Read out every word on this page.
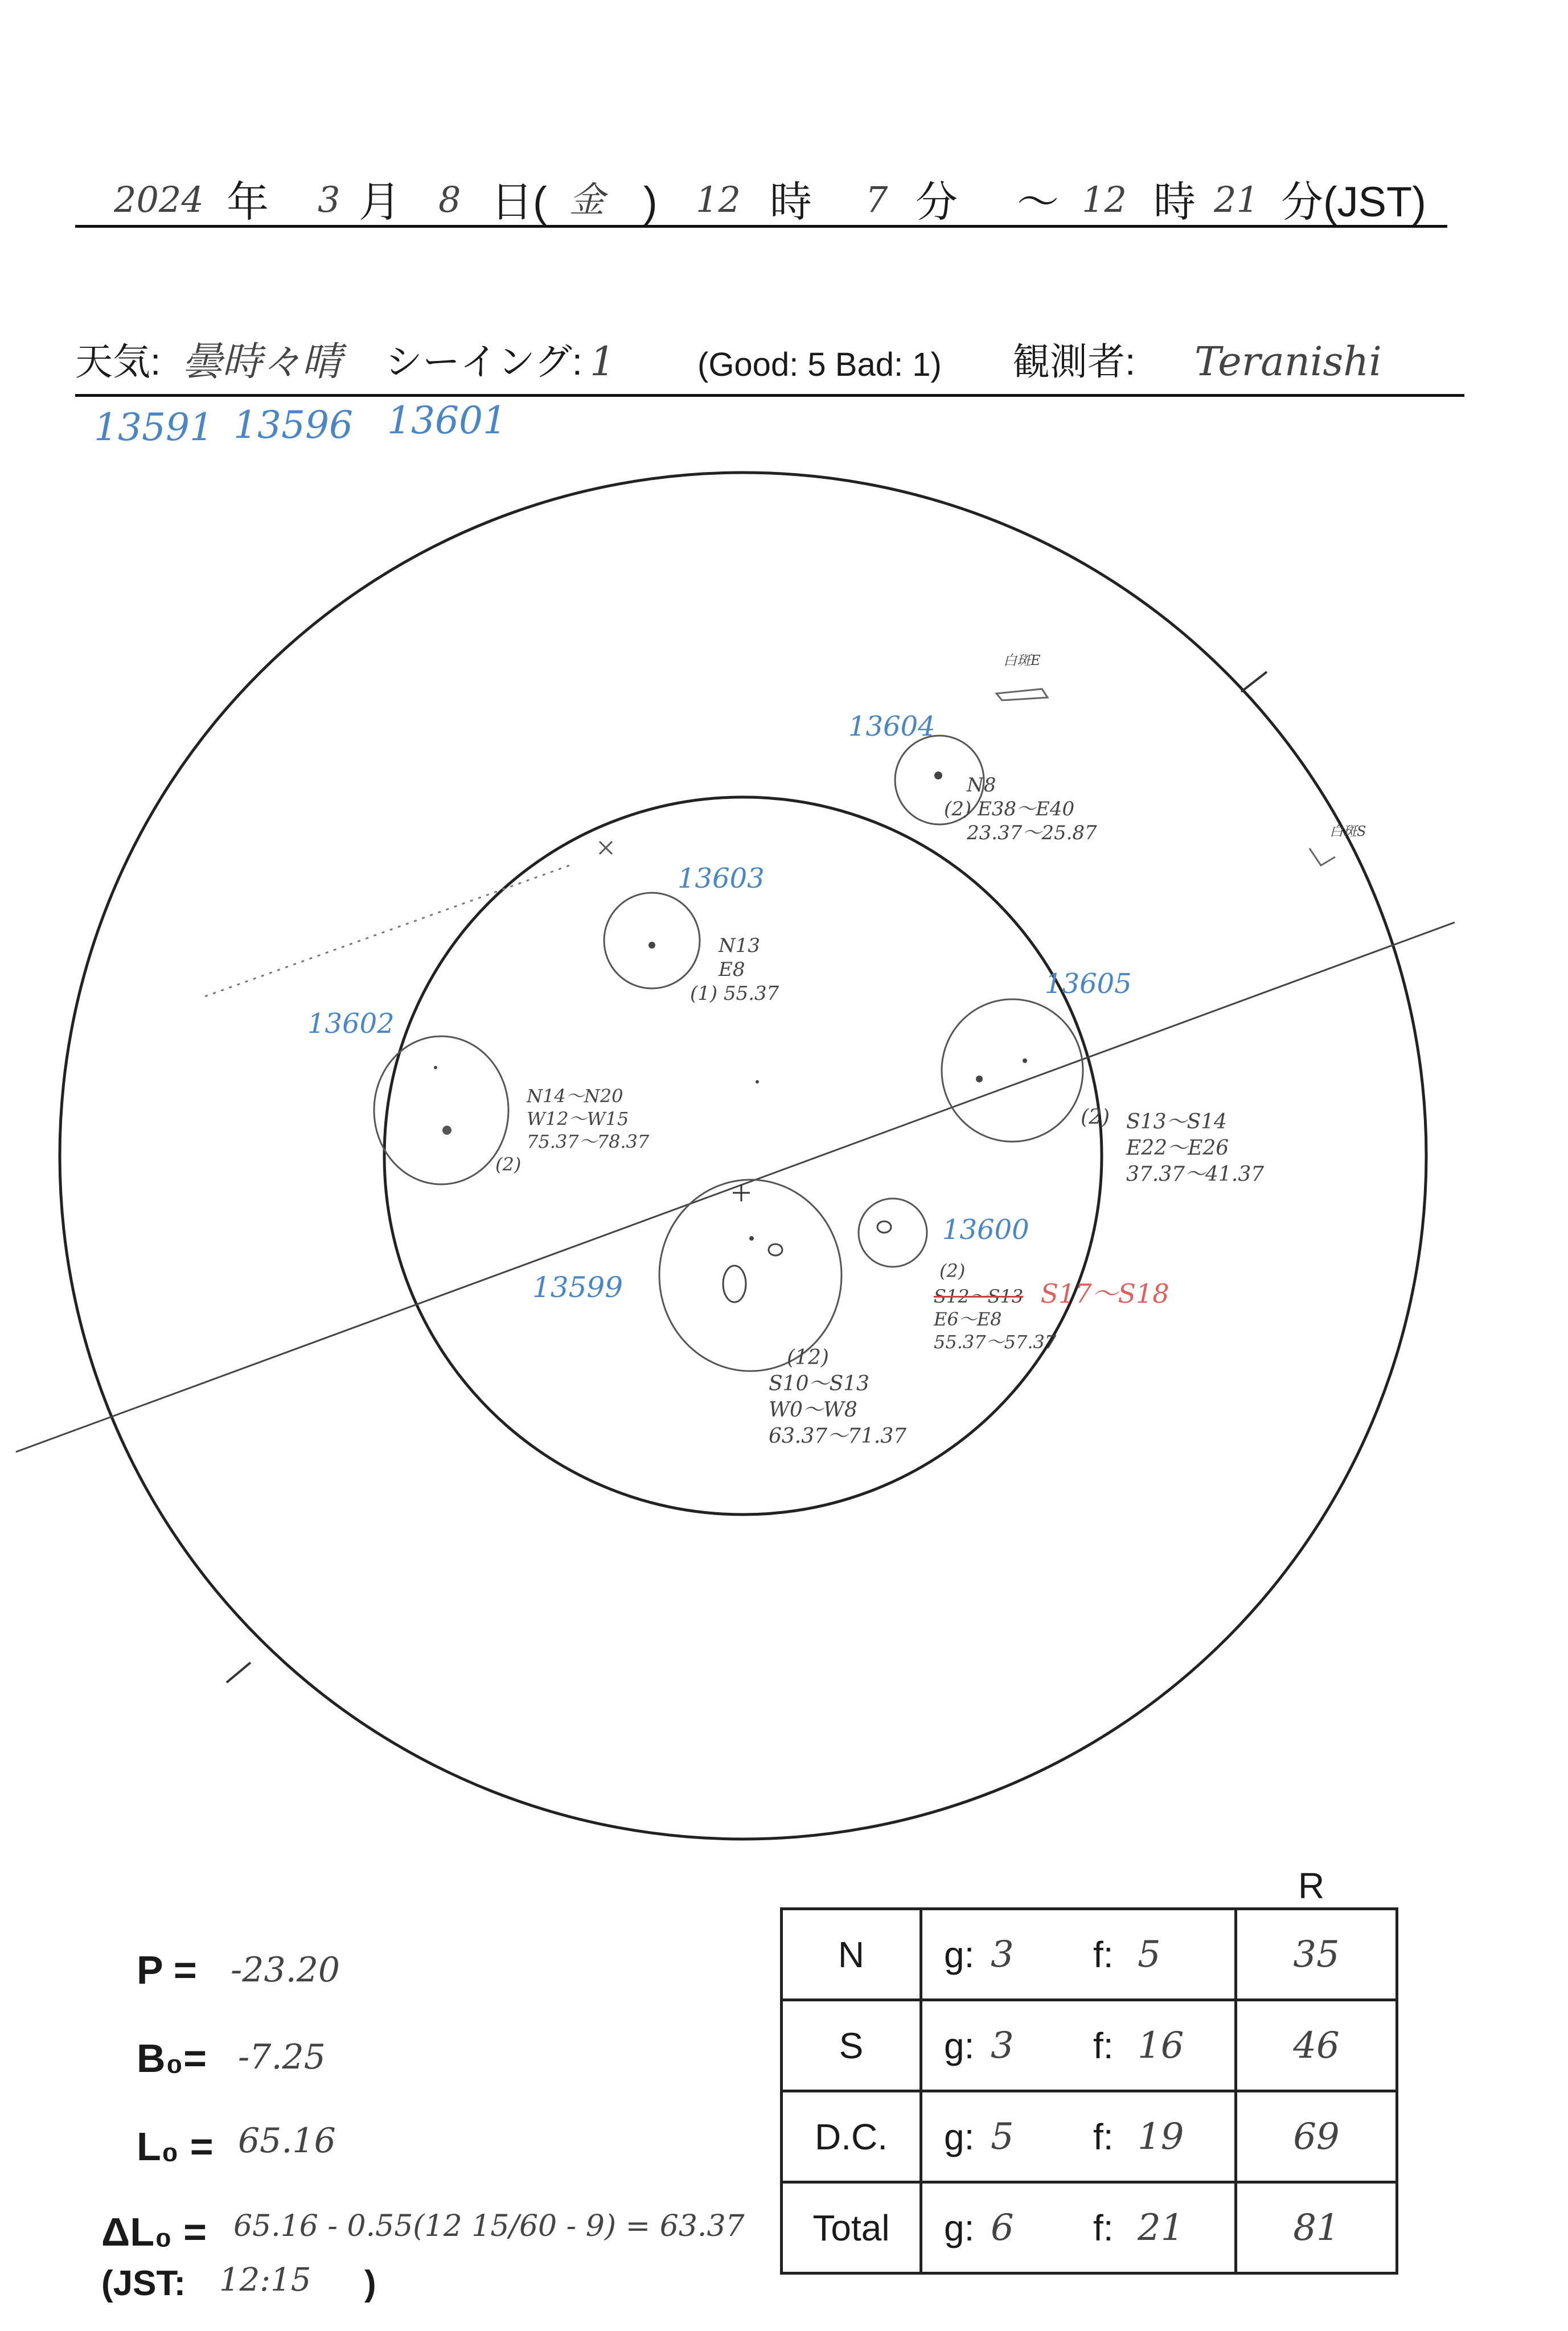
2024 年 3 月 8 日( 金 ) 12 時 7 分 ～ 12 時 21 分(JST)
天気: 曇時々晴 シーイング: 1 (Good: 5 Bad: 1) 観測者: Teranishi
13591 13596 13601
白斑E
白斑S
13604
N8
(2) E38～E40
23.37～25.87
13603
N13
E8
(1) 55.37	13605
(2) S13～S14
E22～E26
37.37～41.37
13602
N14～N20
W12～W15
75.37～78.37
(2)
13599
(12)
S10～S13
W0～W8
63.37～71.37
13600
(2)
S12～S13 S17～S18
E6～E8
55.37～57.37
P = -23.20
B₀= -7.25
L₀ = 65.16
ΔL₀ = 65.16 - 0.55(12 15/60 - 9) = 63.37
(JST: 12:15 )
R
N	g: 3 f: 5	35
S	g: 3 f: 16	46
D.C.	g: 5 f: 19	69
Total	g: 6 f: 21	81
